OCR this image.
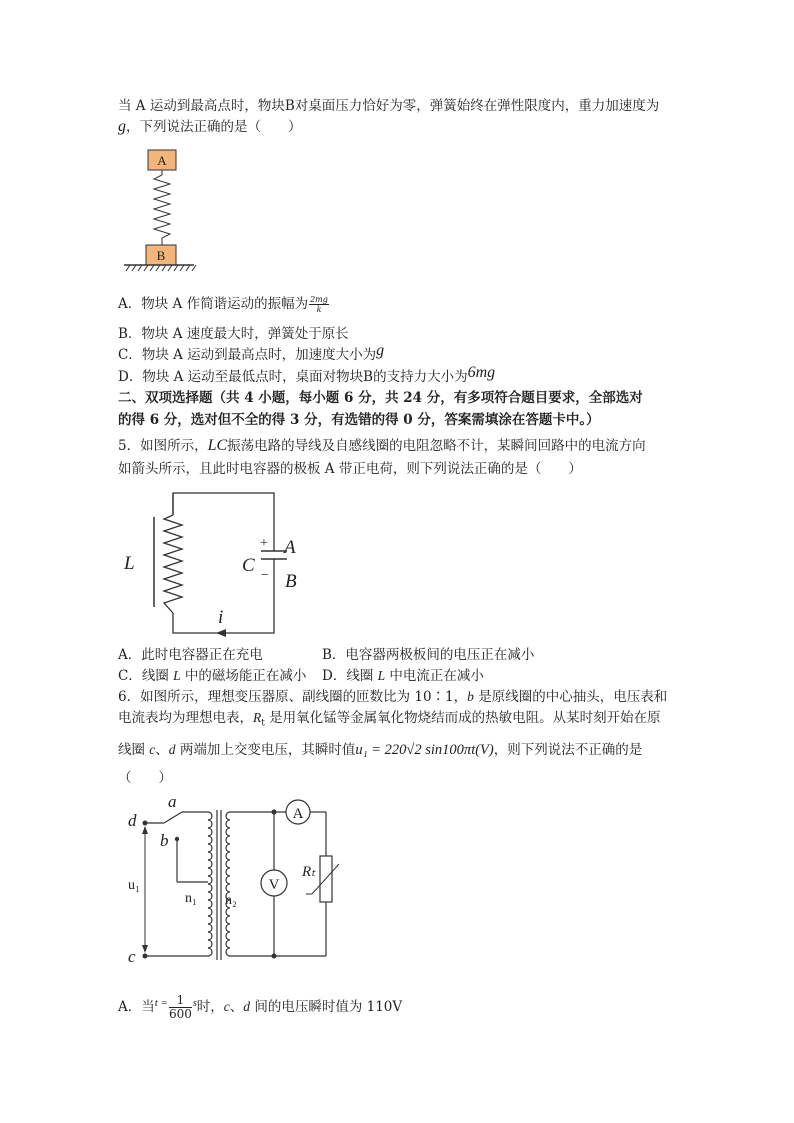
当 A 运动到最高点时，物块B对桌面压力恰好为零，弹簧始终在弹性限度内，重力加速度为
g，下列说法正确的是（　　）
A
B
A．物块 A 作简谐运动的振幅为 $\frac{2mg}{k}$
B．物块 A 速度最大时，弹簧处于原长
C．物块 A 运动到最高点时，加速度大小为g
D．物块 A 运动至最低点时，桌面对物块B的支持力大小为6mg
二、双项选择题（共 4 小题，每小题 6 分，共 24 分，有多项符合题目要求，全部选对
的得 6 分，选对但不全的得 3 分，有选错的得 0 分，答案需填涂在答题卡中。）
5．如图所示，LC振荡电路的导线及自感线圈的电阻忽略不计，某瞬间回路中的电流方向
如箭头所示，且此时电容器的极板 A 带正电荷，则下列说法正确的是（　　）
L
+
−
C
A
B
i
A．此时电容器正在充电	B．电容器两极板间的电压正在减小
C．线圈 L 中的磁场能正在减小 D．线圈 L 中电流正在减小
6．如图所示，理想变压器原、副线圈的匝数比为 10∶1，b 是原线圈的中心抽头，电压表和
电流表均为理想电表，$R_t$ 是用氧化锰等金属氧化物烧结而成的热敏电阻。从某时刻开始在原
线圈 c、d 两端加上交变电压，其瞬时值u₁ = 220√2 sin100πt(V)，则下列说法不正确的是
（　　）
a
d
b
c
u₁
n₁ n₂
V
A
Rₜ
A．当$^{t =} \frac{1}{600} ^s$时，c、d 间的电压瞬时值为 110V
